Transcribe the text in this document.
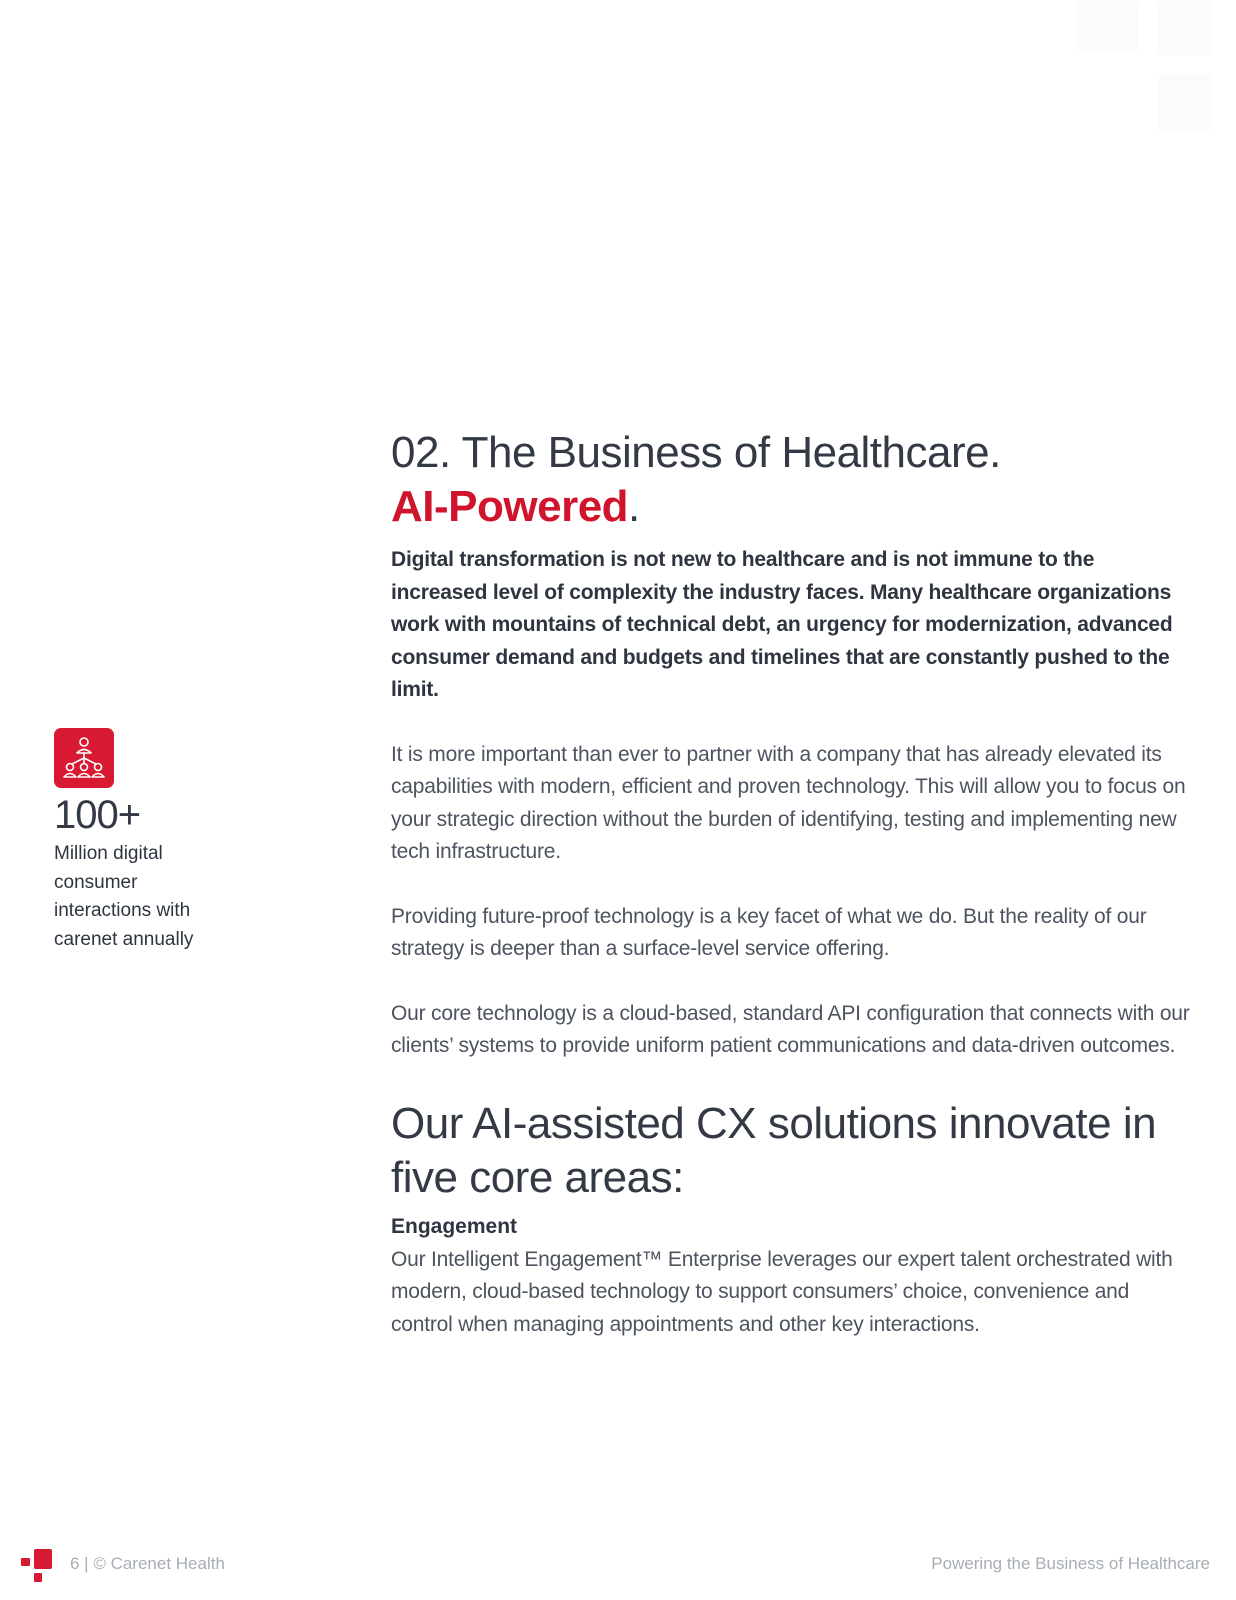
02. The Business of Healthcare.
AI-Powered.

Digital transformation is not new to healthcare and is not immune to the increased level of complexity the industry faces. Many healthcare organizations work with mountains of technical debt, an urgency for modernization, advanced consumer demand and budgets and timelines that are constantly pushed to the limit.

It is more important than ever to partner with a company that has already elevated its capabilities with modern, efficient and proven technology. This will allow you to focus on your strategic direction without the burden of identifying, testing and implementing new tech infrastructure.

Providing future-proof technology is a key facet of what we do. But the reality of our strategy is deeper than a surface-level service offering.

Our core technology is a cloud-based, standard API configuration that connects with our clients’ systems to provide uniform patient communications and data-driven outcomes.

Our AI-assisted CX solutions innovate in five core areas:
Engagement

Our Intelligent Engagement™ Enterprise leverages our expert talent orchestrated with modern, cloud-based technology to support consumers’ choice, convenience and control when managing appointments and other key interactions.

100+
Million digital consumer interactions with carenet annually
6 | © Carenet Health	Powering the Business of Healthcare
